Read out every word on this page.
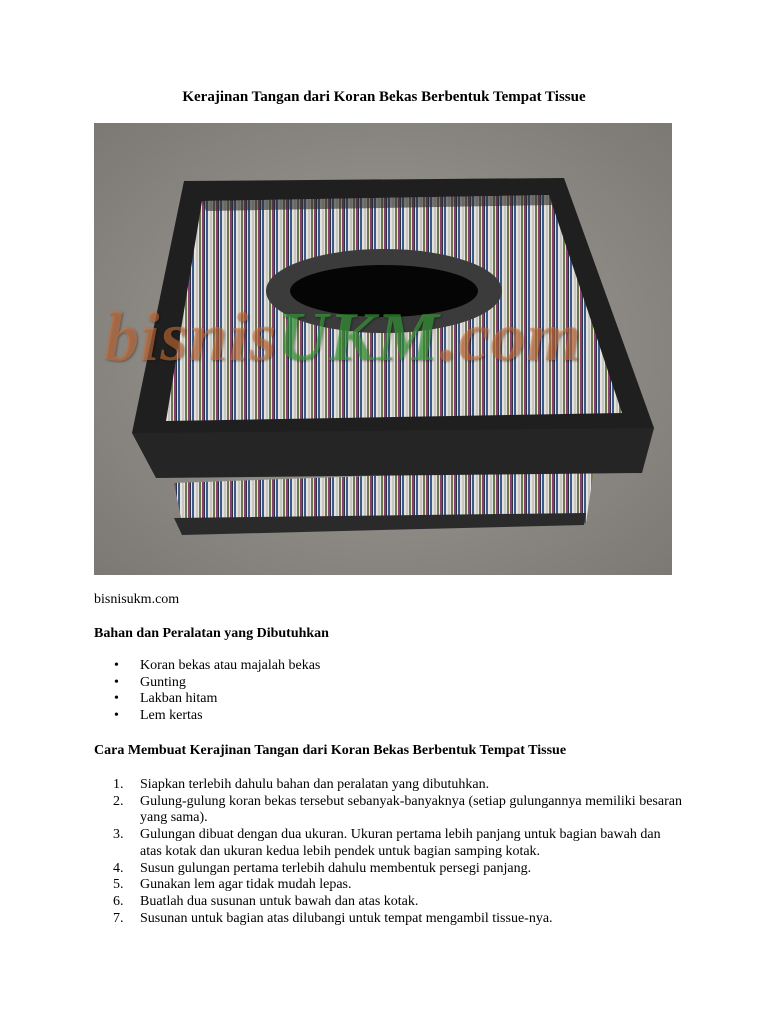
Kerajinan Tangan dari Koran Bekas Berbentuk Tempat Tissue
bisnisUKM.com
bisnisukm.com
Bahan dan Peralatan yang Dibutuhkan
• Koran bekas atau majalah bekas
• Gunting
• Lakban hitam
• Lem kertas
Cara Membuat Kerajinan Tangan dari Koran Bekas Berbentuk Tempat Tissue
1. Siapkan terlebih dahulu bahan dan peralatan yang dibutuhkan.
2. Gulung-gulung koran bekas tersebut sebanyak-banyaknya (setiap gulungannya memiliki besaran yang sama).
3. Gulungan dibuat dengan dua ukuran. Ukuran pertama lebih panjang untuk bagian bawah dan atas kotak dan ukuran kedua lebih pendek untuk bagian samping kotak.
4. Susun gulungan pertama terlebih dahulu membentuk persegi panjang.
5. Gunakan lem agar tidak mudah lepas.
6. Buatlah dua susunan untuk bawah dan atas kotak.
7. Susunan untuk bagian atas dilubangi untuk tempat mengambil tissue-nya.
